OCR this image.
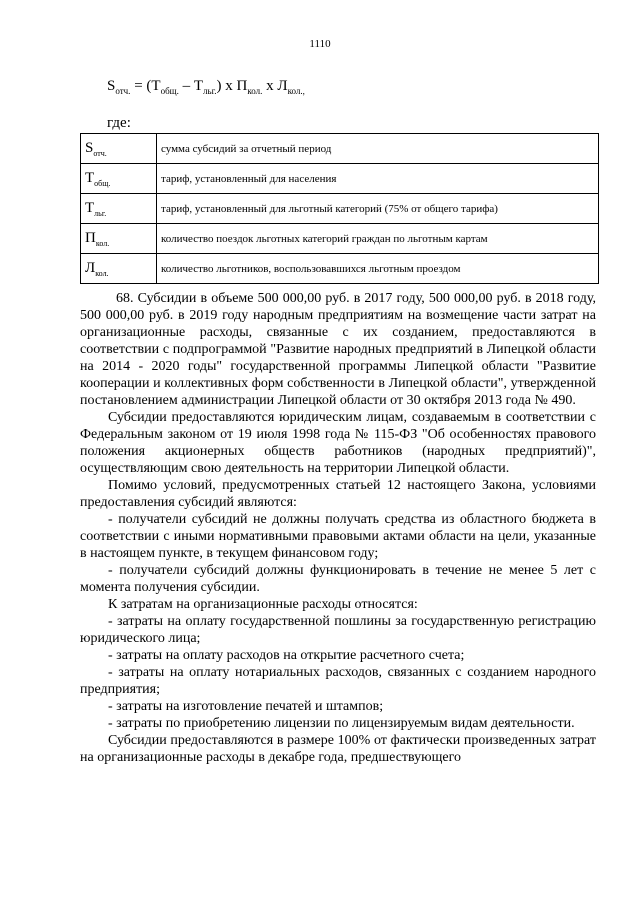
1110
$S_{отч.} = (T_{общ.} - T_{льг.})$ x $П_{кол.}$ x $Л_{кол.,}$
где:
$S_{отч.}$	сумма субсидий за отчетный период
$T_{общ.}$	тариф, установленный для населения
$T_{льг.}$	тариф, установленный для льготный категорий (75% от общего тарифа)
$П_{кол.}$	количество поездок льготных категорий граждан по льготным картам
$Л_{кол.}$	количество льготников, воспользовавшихся льготным проездом

68. Субсидии в объеме 500 000,00 руб. в 2017 году, 500 000,00 руб. в 2018 году, 500 000,00 руб. в 2019 году народным предприятиям на возмещение части затрат на организационные расходы, связанные с их созданием, предоставляются в соответствии с подпрограммой "Развитие народных предприятий в Липецкой области на 2014 - 2020 годы" государственной программы Липецкой области "Развитие кооперации и коллективных форм собственности в Липецкой области", утвержденной постановлением администрации Липецкой области от 30 октября 2013 года № 490.

Субсидии предоставляются юридическим лицам, создаваемым в соответствии с Федеральным законом от 19 июля 1998 года № 115-ФЗ "Об особенностях правового положения акционерных обществ работников (народных предприятий)", осуществляющим свою деятельность на территории Липецкой области.

Помимо условий, предусмотренных статьей 12 настоящего Закона, условиями предоставления субсидий являются:

- получатели субсидий не должны получать средства из областного бюджета в соответствии с иными нормативными правовыми актами области на цели, указанные в настоящем пункте, в текущем финансовом году;

- получатели субсидий должны функционировать в течение не менее 5 лет с момента получения субсидии.

К затратам на организационные расходы относятся:

- затраты на оплату государственной пошлины за государственную регистрацию юридического лица;

- затраты на оплату расходов на открытие расчетного счета;

- затраты на оплату нотариальных расходов, связанных с созданием народного предприятия;

- затраты на изготовление печатей и штампов;

- затраты по приобретению лицензии по лицензируемым видам деятельности.

Субсидии предоставляются в размере 100% от фактически произведенных затрат на организационные расходы в декабре года, предшествующего
